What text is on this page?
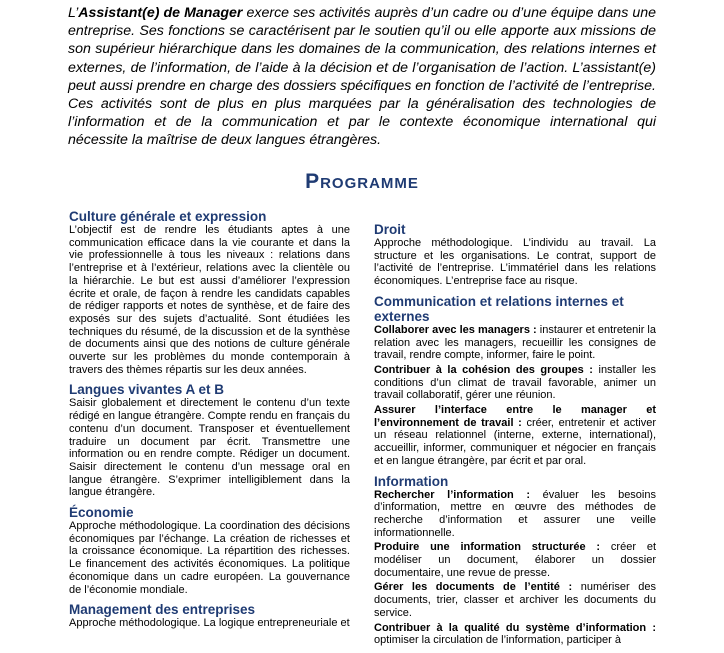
L’Assistant(e) de Manager exerce ses activités auprès d’un cadre ou d’une équipe dans une entreprise. Ses fonctions se caractérisent par le soutien qu’il ou elle apporte aux missions de son supérieur hiérarchique dans les domaines de la communication, des relations internes et externes, de l’information, de l’aide à la décision et de l’organisation de l’action. L’assistant(e) peut aussi prendre en charge des dossiers spécifiques en fonction de l’activité de l’entreprise. Ces activités sont de plus en plus marquées par la généralisation des technologies de l’information et de la communication et par le contexte économique international qui nécessite la maîtrise de deux langues étrangères.

PROGRAMME
Culture générale et expression

L’objectif est de rendre les étudiants aptes à une communication efficace dans la vie courante et dans la vie professionnelle à tous les niveaux : relations dans l’entreprise et à l’extérieur, relations avec la clientèle ou la hiérarchie. Le but est aussi d’améliorer l’expression écrite et orale, de façon à rendre les candidats capables de rédiger rapports et notes de synthèse, et de faire des exposés sur des sujets d’actualité. Sont étudiées les techniques du résumé, de la discussion et de la synthèse de documents ainsi que des notions de culture générale ouverte sur les problèmes du monde contemporain à travers des thèmes répartis sur les deux années.

Langues vivantes A et B

Saisir globalement et directement le contenu d’un texte rédigé en langue étrangère. Compte rendu en français du contenu d’un document. Transposer et éventuellement traduire un document par écrit. Transmettre une information ou en rendre compte. Rédiger un document. Saisir directement le contenu d’un message oral en langue étrangère. S’exprimer intelligiblement dans la langue étrangère.

Économie

Approche méthodologique. La coordination des décisions économiques par l’échange. La création de richesses et la croissance économique. La répartition des richesses. Le financement des activités économiques. La politique économique dans un cadre européen. La gouvernance de l’économie mondiale.

Management des entreprises

Approche méthodologique. La logique entrepreneuriale et

Droit

Approche méthodologique. L’individu au travail. La structure et les organisations. Le contrat, support de l’activité de l’entreprise. L’immatériel dans les relations économiques. L’entreprise face au risque.

Communication et relations internes et externes

Collaborer avec les managers : instaurer et entretenir la relation avec les managers, recueillir les consignes de travail, rendre compte, informer, faire le point.

Contribuer à la cohésion des groupes : installer les conditions d’un climat de travail favorable, animer un travail collaboratif, gérer une réunion.

Assurer l’interface entre le manager et l’environnement de travail : créer, entretenir et activer un réseau relationnel (interne, externe, international), accueillir, informer, communiquer et négocier en français et en langue étrangère, par écrit et par oral.

Information

Rechercher l’information : évaluer les besoins d’information, mettre en œuvre des méthodes de recherche d’information et assurer une veille informationnelle.

Produire une information structurée : créer et modéliser un document, élaborer un dossier documentaire, une revue de presse.

Gérer les documents de l’entité : numériser des documents, trier, classer et archiver les documents du service.

Contribuer à la qualité du système d’information : optimiser la circulation de l’information, participer à
